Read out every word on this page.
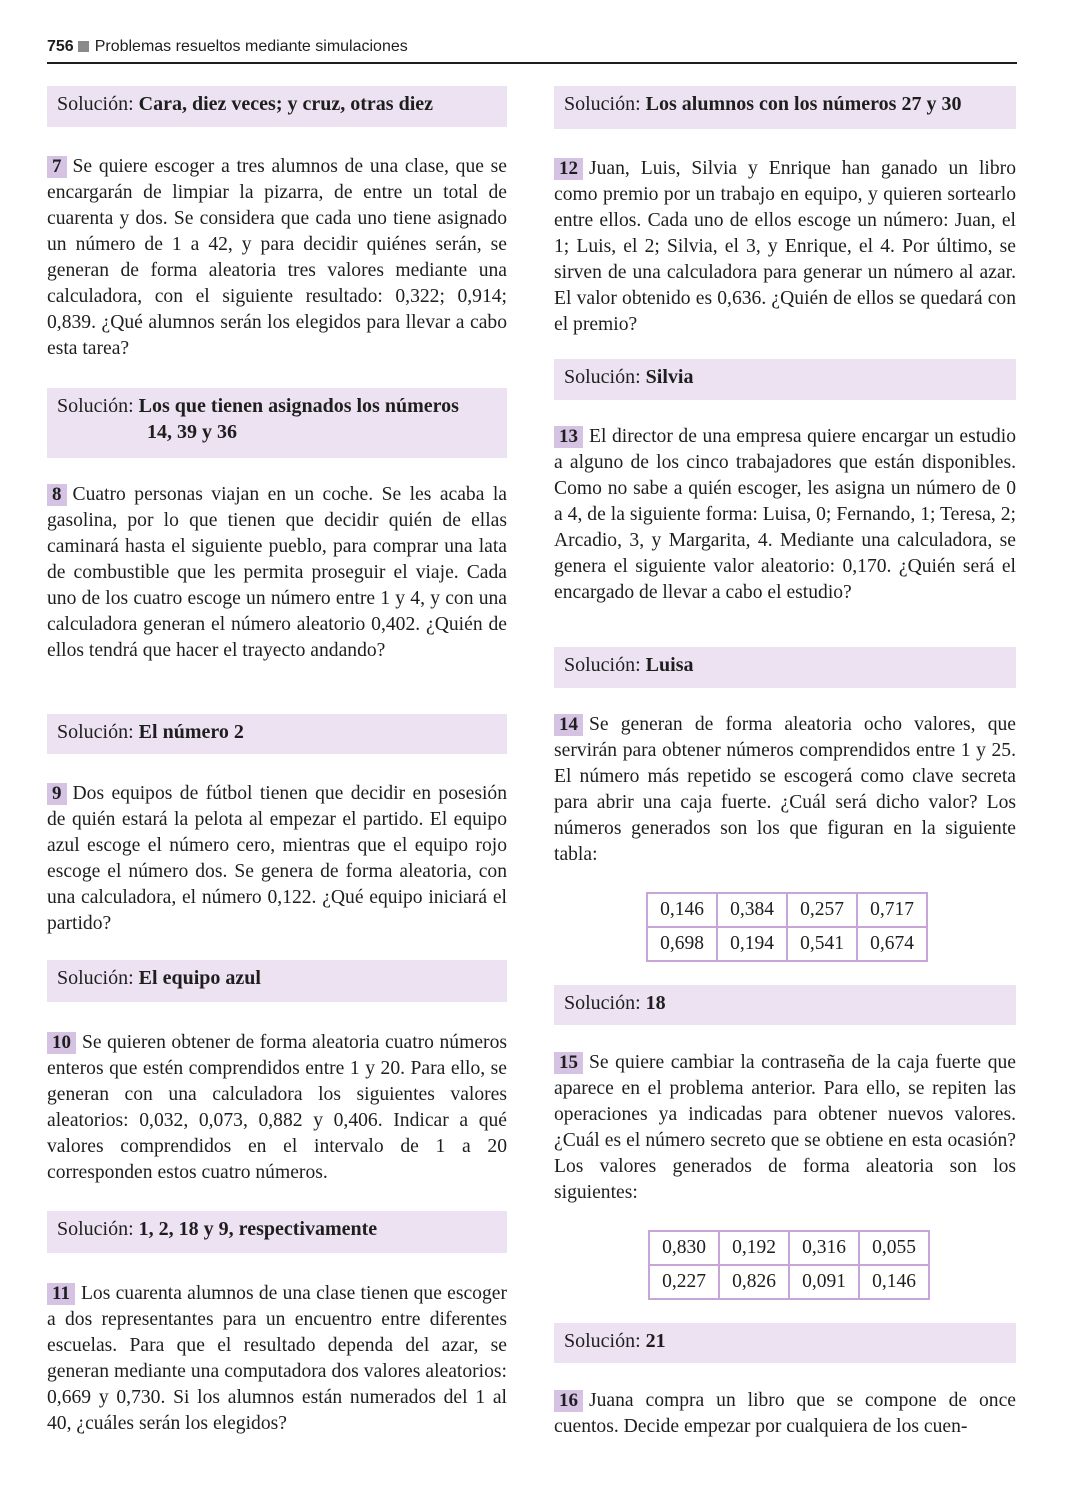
756 Problemas resueltos mediante simulaciones
Solución: Cara, diez veces; y cruz, otras diez
7 Se quiere escoger a tres alumnos de una clase, que se encargarán de limpiar la pizarra, de entre un total de cuarenta y dos. Se considera que cada uno tiene asignado un número de 1 a 42, y para decidir quiénes serán, se generan de forma aleatoria tres valores mediante una calculadora, con el siguiente resultado: 0,322; 0,914; 0,839. ¿Qué alumnos serán los elegidos para llevar a cabo esta tarea?
Solución: Los que tienen asignados los números
14, 39 y 36
8 Cuatro personas viajan en un coche. Se les acaba la gasolina, por lo que tienen que decidir quién de ellas caminará hasta el siguiente pueblo, para comprar una lata de combustible que les permita proseguir el viaje. Cada uno de los cuatro escoge un número entre 1 y 4, y con una calculadora generan el número aleatorio 0,402. ¿Quién de ellos tendrá que hacer el trayecto andando?
Solución: El número 2
9 Dos equipos de fútbol tienen que decidir en posesión de quién estará la pelota al empezar el partido. El equipo azul escoge el número cero, mientras que el equipo rojo escoge el número dos. Se genera de forma aleatoria, con una calculadora, el número 0,122. ¿Qué equipo iniciará el partido?
Solución: El equipo azul
10 Se quieren obtener de forma aleatoria cuatro números enteros que estén comprendidos entre 1 y 20. Para ello, se generan con una calculadora los siguientes valores aleatorios: 0,032, 0,073, 0,882 y 0,406. Indicar a qué valores comprendidos en el intervalo de 1 a 20 corresponden estos cuatro números.
Solución: 1, 2, 18 y 9, respectivamente
11 Los cuarenta alumnos de una clase tienen que escoger a dos representantes para un encuentro entre diferentes escuelas. Para que el resultado dependa del azar, se generan mediante una computadora dos valores aleatorios: 0,669 y 0,730. Si los alumnos están numerados del 1 al 40, ¿cuáles serán los elegidos?
Solución: Los alumnos con los números 27 y 30
12 Juan, Luis, Silvia y Enrique han ganado un libro como premio por un trabajo en equipo, y quieren sortearlo entre ellos. Cada uno de ellos escoge un número: Juan, el 1; Luis, el 2; Silvia, el 3, y Enrique, el 4. Por último, se sirven de una calculadora para generar un número al azar. El valor obtenido es 0,636. ¿Quién de ellos se quedará con el premio?
Solución: Silvia
13 El director de una empresa quiere encargar un estudio a alguno de los cinco trabajadores que están disponibles. Como no sabe a quién escoger, les asigna un número de 0 a 4, de la siguiente forma: Luisa, 0; Fernando, 1; Teresa, 2; Arcadio, 3, y Margarita, 4. Mediante una calculadora, se genera el siguiente valor aleatorio: 0,170. ¿Quién será el encargado de llevar a cabo el estudio?
Solución: Luisa
14 Se generan de forma aleatoria ocho valores, que servirán para obtener números comprendidos entre 1 y 25. El número más repetido se escogerá como clave secreta para abrir una caja fuerte. ¿Cuál será dicho valor? Los números generados son los que figuran en la siguiente tabla:
0,146	0,384	0,257	0,717
0,698	0,194	0,541	0,674
Solución: 18
15 Se quiere cambiar la contraseña de la caja fuerte que aparece en el problema anterior. Para ello, se repiten las operaciones ya indicadas para obtener nuevos valores. ¿Cuál es el número secreto que se obtiene en esta ocasión? Los valores generados de forma aleatoria son los siguientes:
0,830	0,192	0,316	0,055
0,227	0,826	0,091	0,146
Solución: 21
16 Juana compra un libro que se compone de once cuentos. Decide empezar por cualquiera de los cuen-
